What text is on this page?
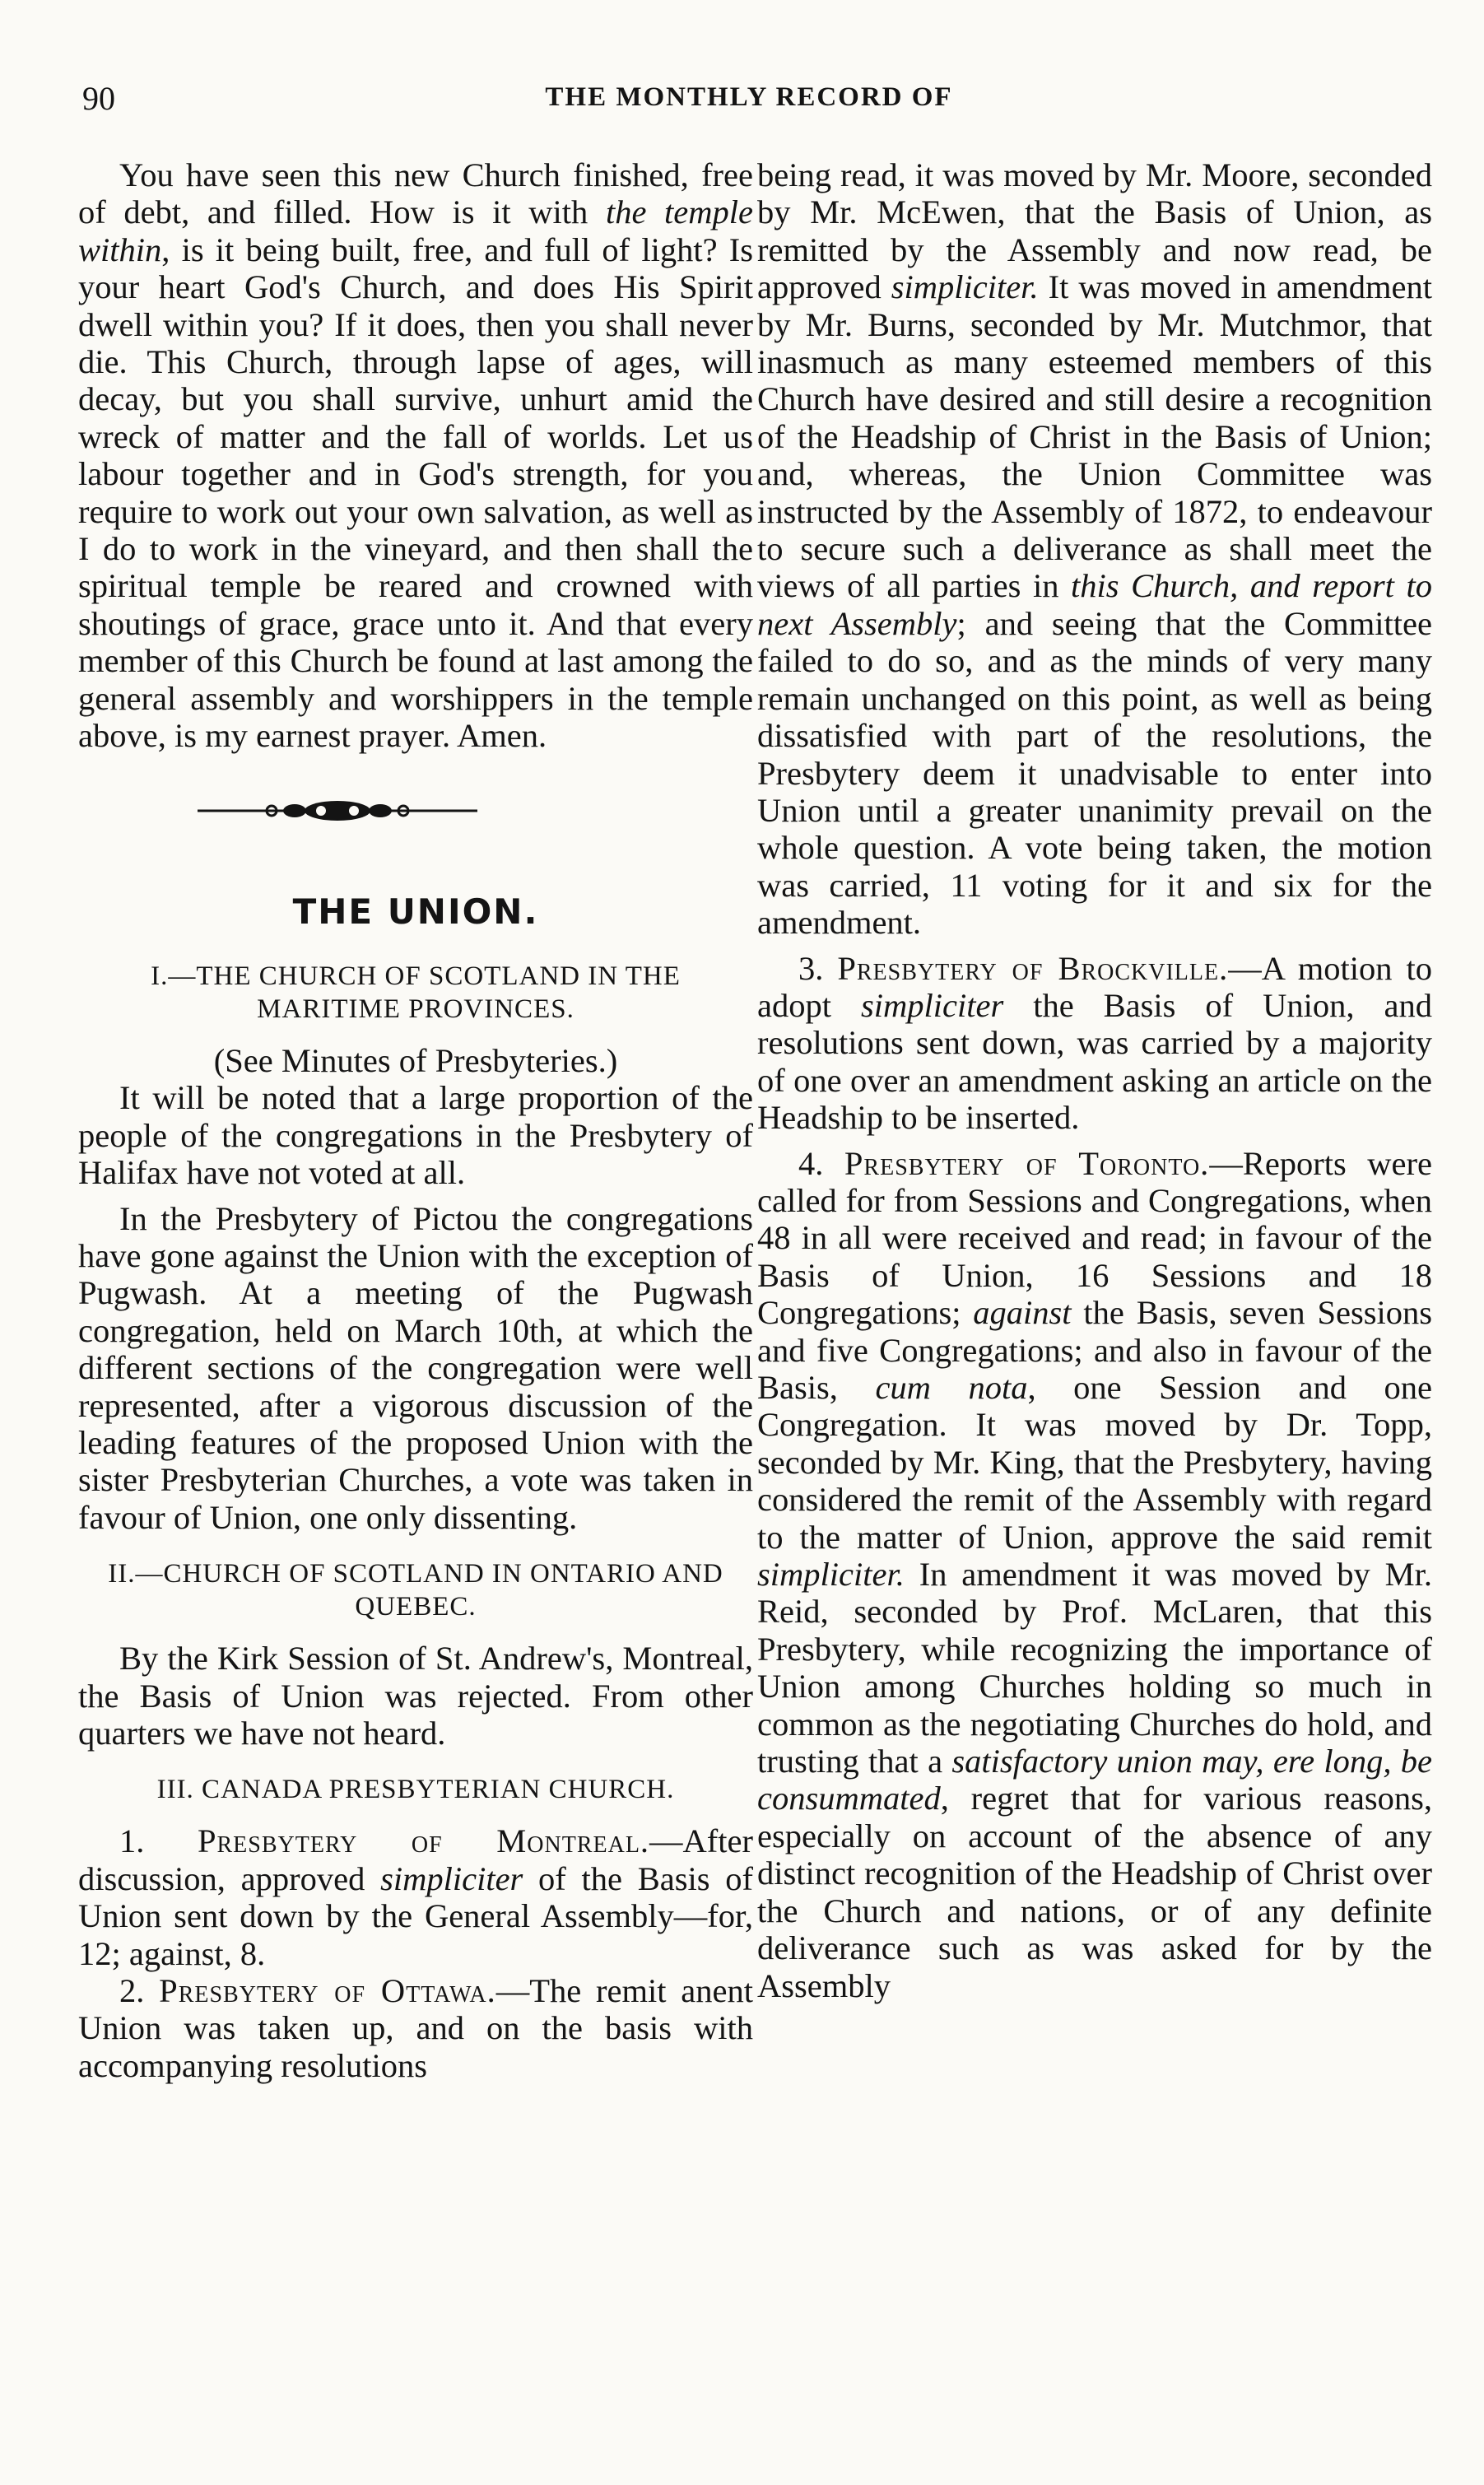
90	THE MONTHLY RECORD OF

You have seen this new Church finished, free of debt, and filled. How is it with the temple within, is it being built, free, and full of light? Is your heart God's Church, and does His Spirit dwell within you? If it does, then you shall never die. This Church, through lapse of ages, will decay, but you shall survive, unhurt amid the wreck of matter and the fall of worlds. Let us labour together and in God's strength, for you require to work out your own salvation, as well as I do to work in the vineyard, and then shall the spiritual temple be reared and crowned with shoutings of grace, grace unto it. And that every member of this Church be found at last among the general assembly and worshippers in the temple above, is my earnest prayer. Amen.

THE UNION.
I.—THE CHURCH OF SCOTLAND IN THE MARITIME PROVINCES.

(See Minutes of Presbyteries.)

It will be noted that a large proportion of the people of the congregations in the Presbytery of Halifax have not voted at all.

In the Presbytery of Pictou the congregations have gone against the Union with the exception of Pugwash. At a meeting of the Pugwash congregation, held on March 10th, at which the different sections of the congregation were well represented, after a vigorous discussion of the leading features of the proposed Union with the sister Presbyterian Churches, a vote was taken in favour of Union, one only dissenting.

II.—CHURCH OF SCOTLAND IN ONTARIO AND QUEBEC.

By the Kirk Session of St. Andrew's, Montreal, the Basis of Union was rejected. From other quarters we have not heard.

III. CANADA PRESBYTERIAN CHURCH.

1. Presbytery of Montreal.—After discussion, approved simpliciter of the Basis of Union sent down by the General Assembly—for, 12; against, 8.

2. Presbytery of Ottawa.—The remit anent Union was taken up, and on the basis with accompanying resolutions

being read, it was moved by Mr. Moore, seconded by Mr. McEwen, that the Basis of Union, as remitted by the Assembly and now read, be approved simpliciter. It was moved in amendment by Mr. Burns, seconded by Mr. Mutchmor, that inasmuch as many esteemed members of this Church have desired and still desire a recognition of the Headship of Christ in the Basis of Union; and, whereas, the Union Committee was instructed by the Assembly of 1872, to endeavour to secure such a deliverance as shall meet the views of all parties in this Church, and report to next Assembly; and seeing that the Committee failed to do so, and as the minds of very many remain unchanged on this point, as well as being dissatisfied with part of the resolutions, the Presbytery deem it unadvisable to enter into Union until a greater unanimity prevail on the whole question. A vote being taken, the motion was carried, 11 voting for it and six for the amendment.

3. Presbytery of Brockville.—A motion to adopt simpliciter the Basis of Union, and resolutions sent down, was carried by a majority of one over an amendment asking an article on the Headship to be inserted.

4. Presbytery of Toronto.—Reports were called for from Sessions and Congregations, when 48 in all were received and read; in favour of the Basis of Union, 16 Sessions and 18 Congregations; against the Basis, seven Sessions and five Congregations; and also in favour of the Basis, cum nota, one Session and one Congregation. It was moved by Dr. Topp, seconded by Mr. King, that the Presbytery, having considered the remit of the Assembly with regard to the matter of Union, approve the said remit simpliciter. In amendment it was moved by Mr. Reid, seconded by Prof. McLaren, that this Presbytery, while recognizing the importance of Union among Churches holding so much in common as the negotiating Churches do hold, and trusting that a satisfactory union may, ere long, be consummated, regret that for various reasons, especially on account of the absence of any distinct recognition of the Headship of Christ over the Church and nations, or of any definite deliverance such as was asked for by the Assembly
